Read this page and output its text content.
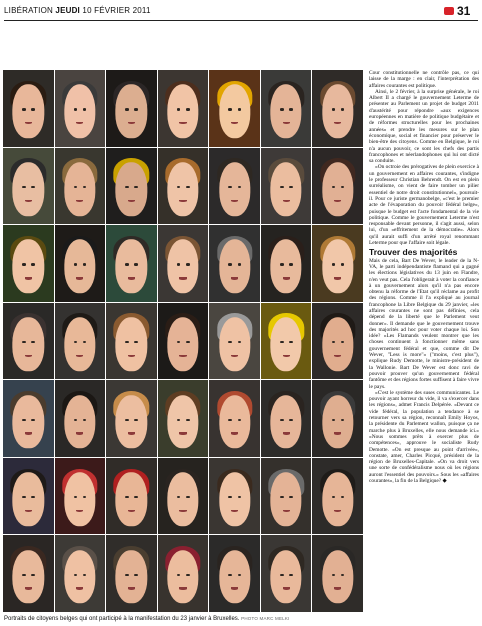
LIBÉRATION JEUDI 10 FÉVRIER 2011	31
Portraits de citoyens belges qui ont participé à la manifestation du 23 janvier à Bruxelles. PHOTO MARC MELKI

Cour constitutionnelle ne contrôle pas, ce qui laisse de la marge : en clair, l'interprétation des affaires courantes est politique.

Ainsi, le 2 février, à la surprise générale, le roi Albert II a chargé le gouvernement Leterme de présenter au Parlement un projet de budget 2011 d'austérité pour répondre «aux exigences européennes en matière de politique budgétaire et de réformes structurelles pour les prochaines années» et prendre les mesures sur le plan économique, social et financier pour préserver le bien-être des citoyens. Comme en Belgique, le roi n'a aucun pouvoir, ce sont les chefs des partis francophones et néerlandophones qui lui ont dicté sa conduite.

«On octroie des prérogatives de plein exercice à un gouvernement en affaires courantes, s'indigne le professeur Christian Behrendt. On est en plein surréalisme, on vient de faire tomber un pilier essentiel de notre droit constitutionnel», poursuit-il. Pour ce juriste germanobelge, «c'est le premier acte de l'évaporation du pouvoir fédéral belge», puisque le budget est l'acte fondamental de la vie politique. Comme le gouvernement Leterme n'est responsable devant personne, il s'agit aussi, selon lui, d'un «effritement de la démocratie». Alors qu'il aurait suffi d'un arrêté royal renommant Leterme pour que l'affaire soit légale.

Trouver des majorités

Mais de cela, Bart De Wever, le leader de la N-VA, le parti indépendantiste flamand qui a gagné les élections législatives du 13 juin en Flandre, n'en veut pas. Cela l'obligerait à voter la confiance à un gouvernement alors qu'il n'a pas encore obtenu la réforme de l'Etat qu'il réclame au profit des régions. Comme il l'a expliqué au journal francophone la Libre Belgique du 29 janvier, «les affaires courantes ne sont pas définies, cela dépend de la liberté que le Parlement veut donner». Il demande que le gouvernement trouve des majorités ad hoc pour voter chaque loi. Son idée? «Les Flamands veulent montrer que les choses continuent à fonctionner même sans gouvernement fédéral et que, comme dit De Wever, "Less is more"» ("moins, c'est plus"), explique Rudy Demotte, le ministre-président de la Wallonie. Bart De Wever est donc ravi de pouvoir prouver qu'un gouvernement fédéral fantôme et des régions fortes suffisent à faire vivre le pays.

«C'est le système des suses communicantes. Le pouvoir ayant horreur du vide, il va s'exercer dans les régions», admet Francis Delpérée. «Devant ce vide fédéral, la population a tendance à se retourner vers sa région, reconnaît Emily Hoyos, la présidente du Parlement wallon, puisque ça ne marche plus à Bruxelles, elle nous demande ici.» «Nous sommes prêts à exercer plus de compétences», approuve le socialiste Rudy Demotte. «On est presque au point d'arrivée», constate, amer, Charles Picqué, président de la région de Bruxelles-Capitale. «On va droit vers une sorte de confédéralisme nous où les régions auront l'essentiel des pouvoirs.» Sous les «affaires courantes», la fin de la Belgique? ◆
